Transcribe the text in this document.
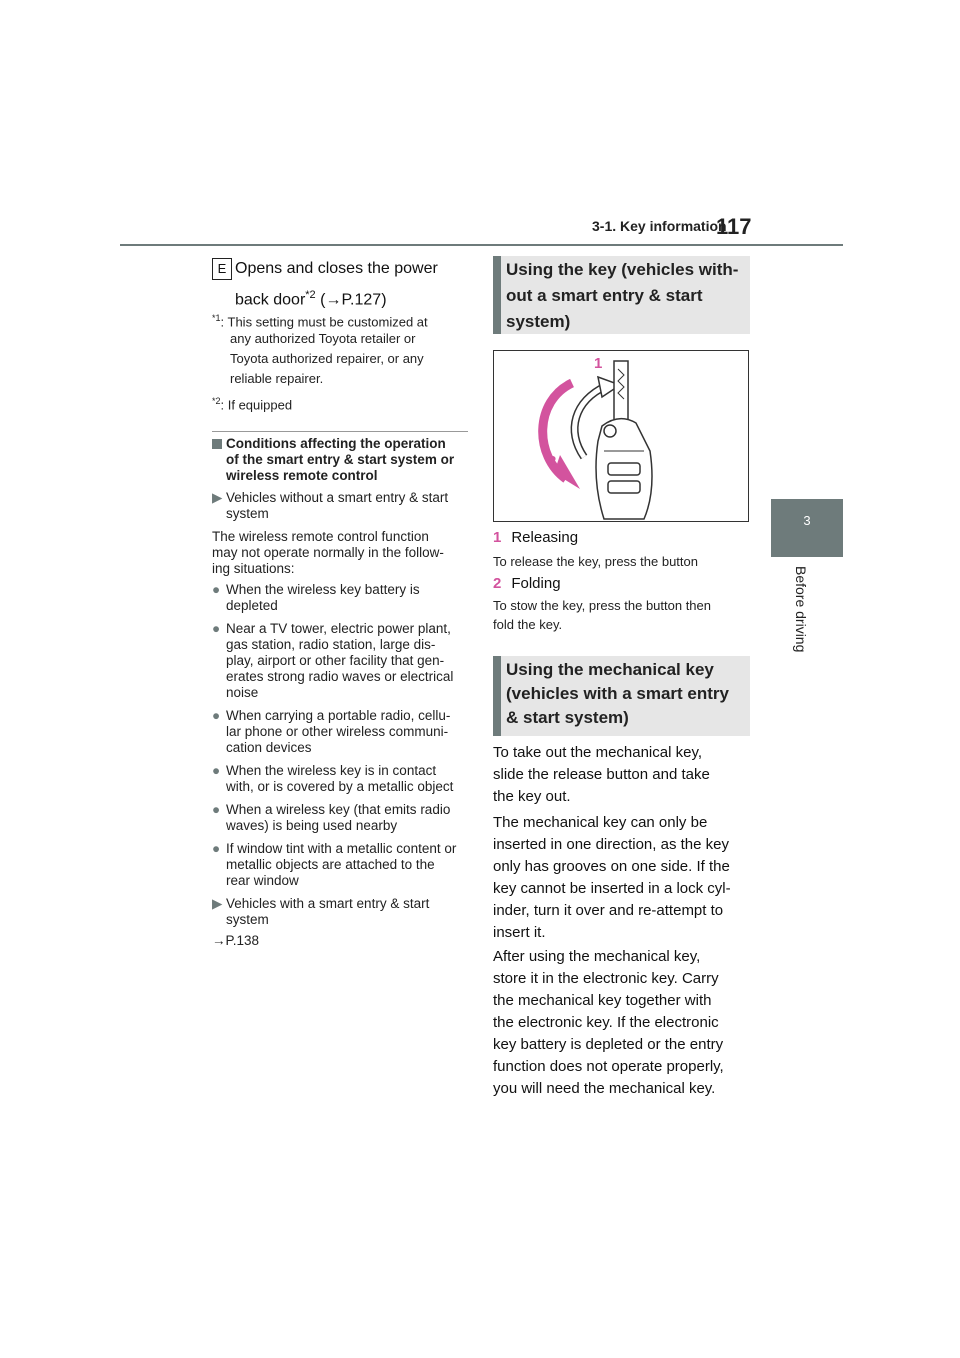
3-1. Key information
117
3
Before driving
E Opens and closes the power
back door$^{*2}$ (→P.127)
$^{*1}$: This setting must be customized at
any authorized Toyota retailer or
Toyota authorized repairer, or any
reliable repairer.
$^{*2}$: If equipped
Conditions affecting the operation
of the smart entry & start system or
wireless remote control
▶ Vehicles without a smart entry & start
system
The wireless remote control function
may not operate normally in the follow-
ing situations:
● When the wireless key battery is
depleted
● Near a TV tower, electric power plant,
gas station, radio station, large dis-
play, airport or other facility that gen-
erates strong radio waves or electrical
noise
● When carrying a portable radio, cellu-
lar phone or other wireless communi-
cation devices
● When the wireless key is in contact
with, or is covered by a metallic object
● When a wireless key (that emits radio
waves) is being used nearby
● If window tint with a metallic content or
metallic objects are attached to the
rear window
▶ Vehicles with a smart entry & start
system
→P.138
Using the key (vehicles with-
out a smart entry & start
system)
1
2
1 Releasing
To release the key, press the button
2 Folding
To stow the key, press the button then
fold the key.
Using the mechanical key
(vehicles with a smart entry
& start system)
To take out the mechanical key,
slide the release button and take
the key out.
The mechanical key can only be
inserted in one direction, as the key
only has grooves on one side. If the
key cannot be inserted in a lock cyl-
inder, turn it over and re-attempt to
insert it.
After using the mechanical key,
store it in the electronic key. Carry
the mechanical key together with
the electronic key. If the electronic
key battery is depleted or the entry
function does not operate properly,
you will need the mechanical key.
